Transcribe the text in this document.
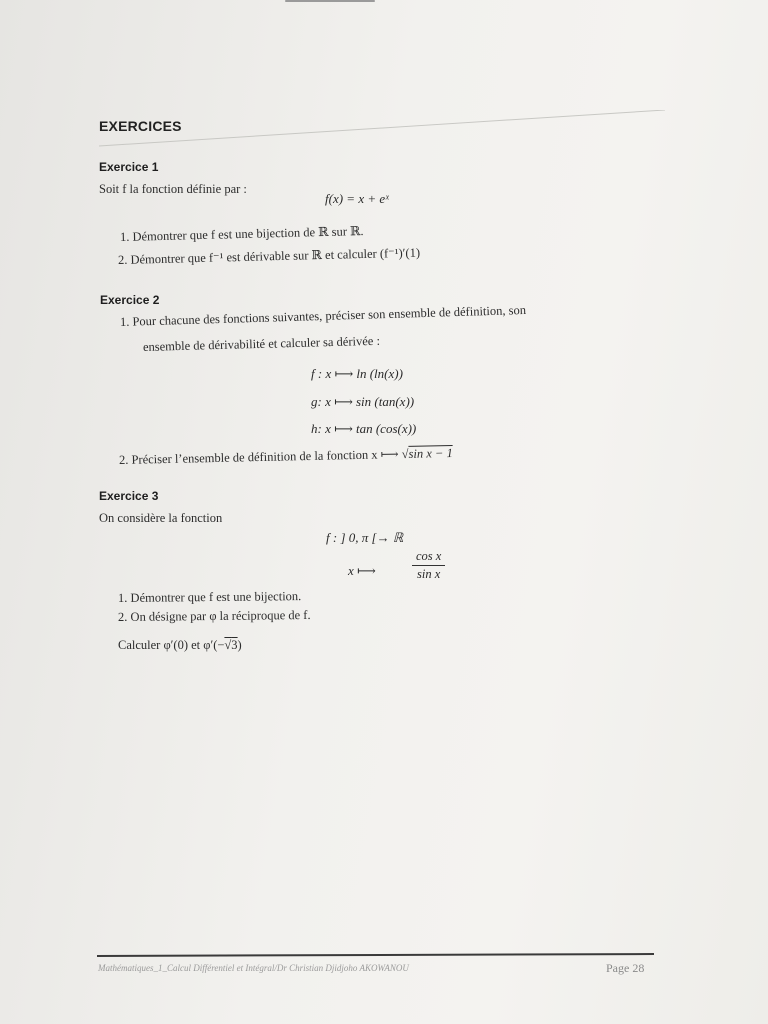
EXERCICES
Exercice 1
Soit f la fonction définie par :
f(x) = x + eˣ
1. Démontrer que f est une bijection de ℝ sur ℝ.
2. Démontrer que f⁻¹ est dérivable sur ℝ et calculer (f⁻¹)′(1)
Exercice 2
1. Pour chacune des fonctions suivantes, préciser son ensemble de définition, son
ensemble de dérivabilité et calculer sa dérivée :
f : x ⟼ ln (ln(x))
g: x ⟼ sin (tan(x))
h: x ⟼ tan (cos(x))
2. Préciser l’ensemble de définition de la fonction x ⟼ √sin x − 1
Exercice 3
On considère la fonction
f : ] 0, π [→ ℝ
x ⟼	$\frac{\text{cos x}}{\text{sin x}}$
1. Démontrer que f est une bijection.
2. On désigne par φ la réciproque de f.
Calculer φ′(0) et φ′(−√3)
Mathématiques_1_Calcul Différentiel et Intégral/Dr Christian Djidjoho AKOWANOU	Page 28
